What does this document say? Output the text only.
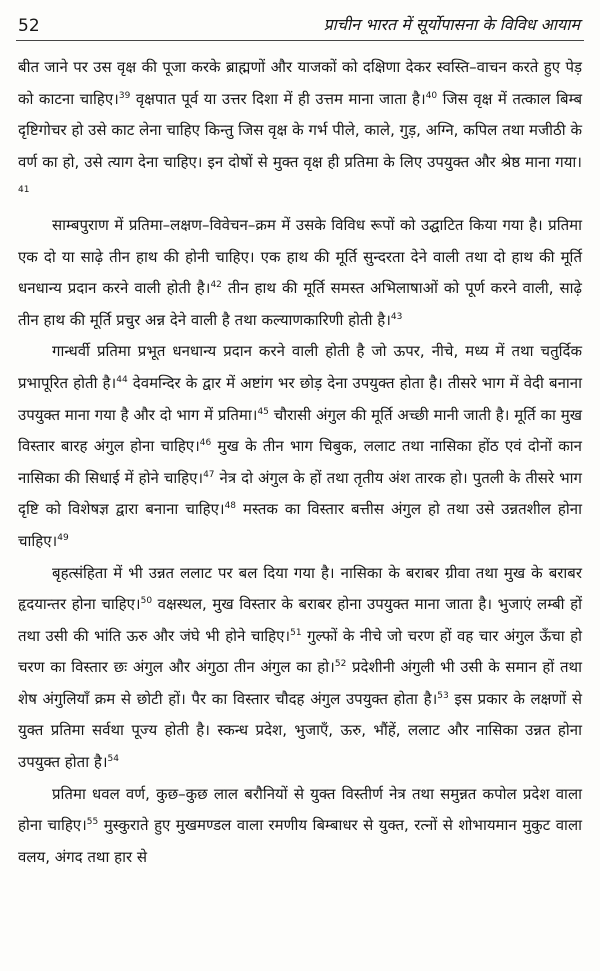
52	प्राचीन भारत में सूर्योपासना के विविध आयाम

बीत जाने पर उस वृक्ष की पूजा करके ब्राह्मणों और याजकों को दक्षिणा देकर स्वस्ति–वाचन करते हुए पेड़ को काटना चाहिए।$^{39}$ वृक्षपात पूर्व या उत्तर दिशा में ही उत्तम माना जाता है।$^{40}$ जिस वृक्ष में तत्काल बिम्ब दृष्टिगोचर हो उसे काट लेना चाहिए किन्तु जिस वृक्ष के गर्भ पीले, काले, गुड़, अग्नि, कपिल तथा मजीठी के वर्ण का हो, उसे त्याग देना चाहिए। इन दोषों से मुक्त वृक्ष ही प्रतिमा के लिए उपयुक्त और श्रेष्ठ माना गया।$^{41}$

साम्बपुराण में प्रतिमा–लक्षण–विवेचन–क्रम में उसके विविध रूपों को उद्घाटित किया गया है। प्रतिमा एक दो या साढ़े तीन हाथ की होनी चाहिए। एक हाथ की मूर्ति सुन्दरता देने वाली तथा दो हाथ की मूर्ति धनधान्य प्रदान करने वाली होती है।$^{42}$ तीन हाथ की मूर्ति समस्त अभिलाषाओं को पूर्ण करने वाली, साढ़े तीन हाथ की मूर्ति प्रचुर अन्न देने वाली है तथा कल्याणकारिणी होती है।$^{43}$

गान्धर्वी प्रतिमा प्रभूत धनधान्य प्रदान करने वाली होती है जो ऊपर, नीचे, मध्य में तथा चतुर्दिक प्रभापूरित होती है।$^{44}$ देवमन्दिर के द्वार में अष्टांग भर छोड़ देना उपयुक्त होता है। तीसरे भाग में वेदी बनाना उपयुक्त माना गया है और दो भाग में प्रतिमा।$^{45}$ चौरासी अंगुल की मूर्ति अच्छी मानी जाती है। मूर्ति का मुख विस्तार बारह अंगुल होना चाहिए।$^{46}$ मुख के तीन भाग चिबुक, ललाट तथा नासिका होंठ एवं दोनों कान नासिका की सिधाई में होने चाहिए।$^{47}$ नेत्र दो अंगुल के हों तथा तृतीय अंश तारक हो। पुतली के तीसरे भाग दृष्टि को विशेषज्ञ द्वारा बनाना चाहिए।$^{48}$ मस्तक का विस्तार बत्तीस अंगुल हो तथा उसे उन्नतशील होना चाहिए।$^{49}$

बृहत्संहिता में भी उन्नत ललाट पर बल दिया गया है। नासिका के बराबर ग्रीवा तथा मुख के बराबर हृदयान्तर होना चाहिए।$^{50}$ वक्षस्थल, मुख विस्तार के बराबर होना उपयुक्त माना जाता है। भुजाएं लम्बी हों तथा उसी की भांति ऊरु और जंघे भी होने चाहिए।$^{51}$ गुल्फों के नीचे जो चरण हों वह चार अंगुल ऊँचा हो चरण का विस्तार छः अंगुल और अंगुठा तीन अंगुल का हो।$^{52}$ प्रदेशीनी अंगुली भी उसी के समान हों तथा शेष अंगुलियाँ क्रम से छोटी हों। पैर का विस्तार चौदह अंगुल उपयुक्त होता है।$^{53}$ इस प्रकार के लक्षणों से युक्त प्रतिमा सर्वथा पूज्य होती है। स्कन्ध प्रदेश, भुजाएँ, ऊरु, भौंहें, ललाट और नासिका उन्नत होना उपयुक्त होता है।$^{54}$

प्रतिमा धवल वर्ण, कुछ–कुछ लाल बरौनियों से युक्त विस्तीर्ण नेत्र तथा समुन्नत कपोल प्रदेश वाला होना चाहिए।$^{55}$ मुस्कुराते हुए मुखमण्डल वाला रमणीय बिम्बाधर से युक्त, रत्नों से शोभायमान मुकुट वाला वलय, अंगद तथा हार से
